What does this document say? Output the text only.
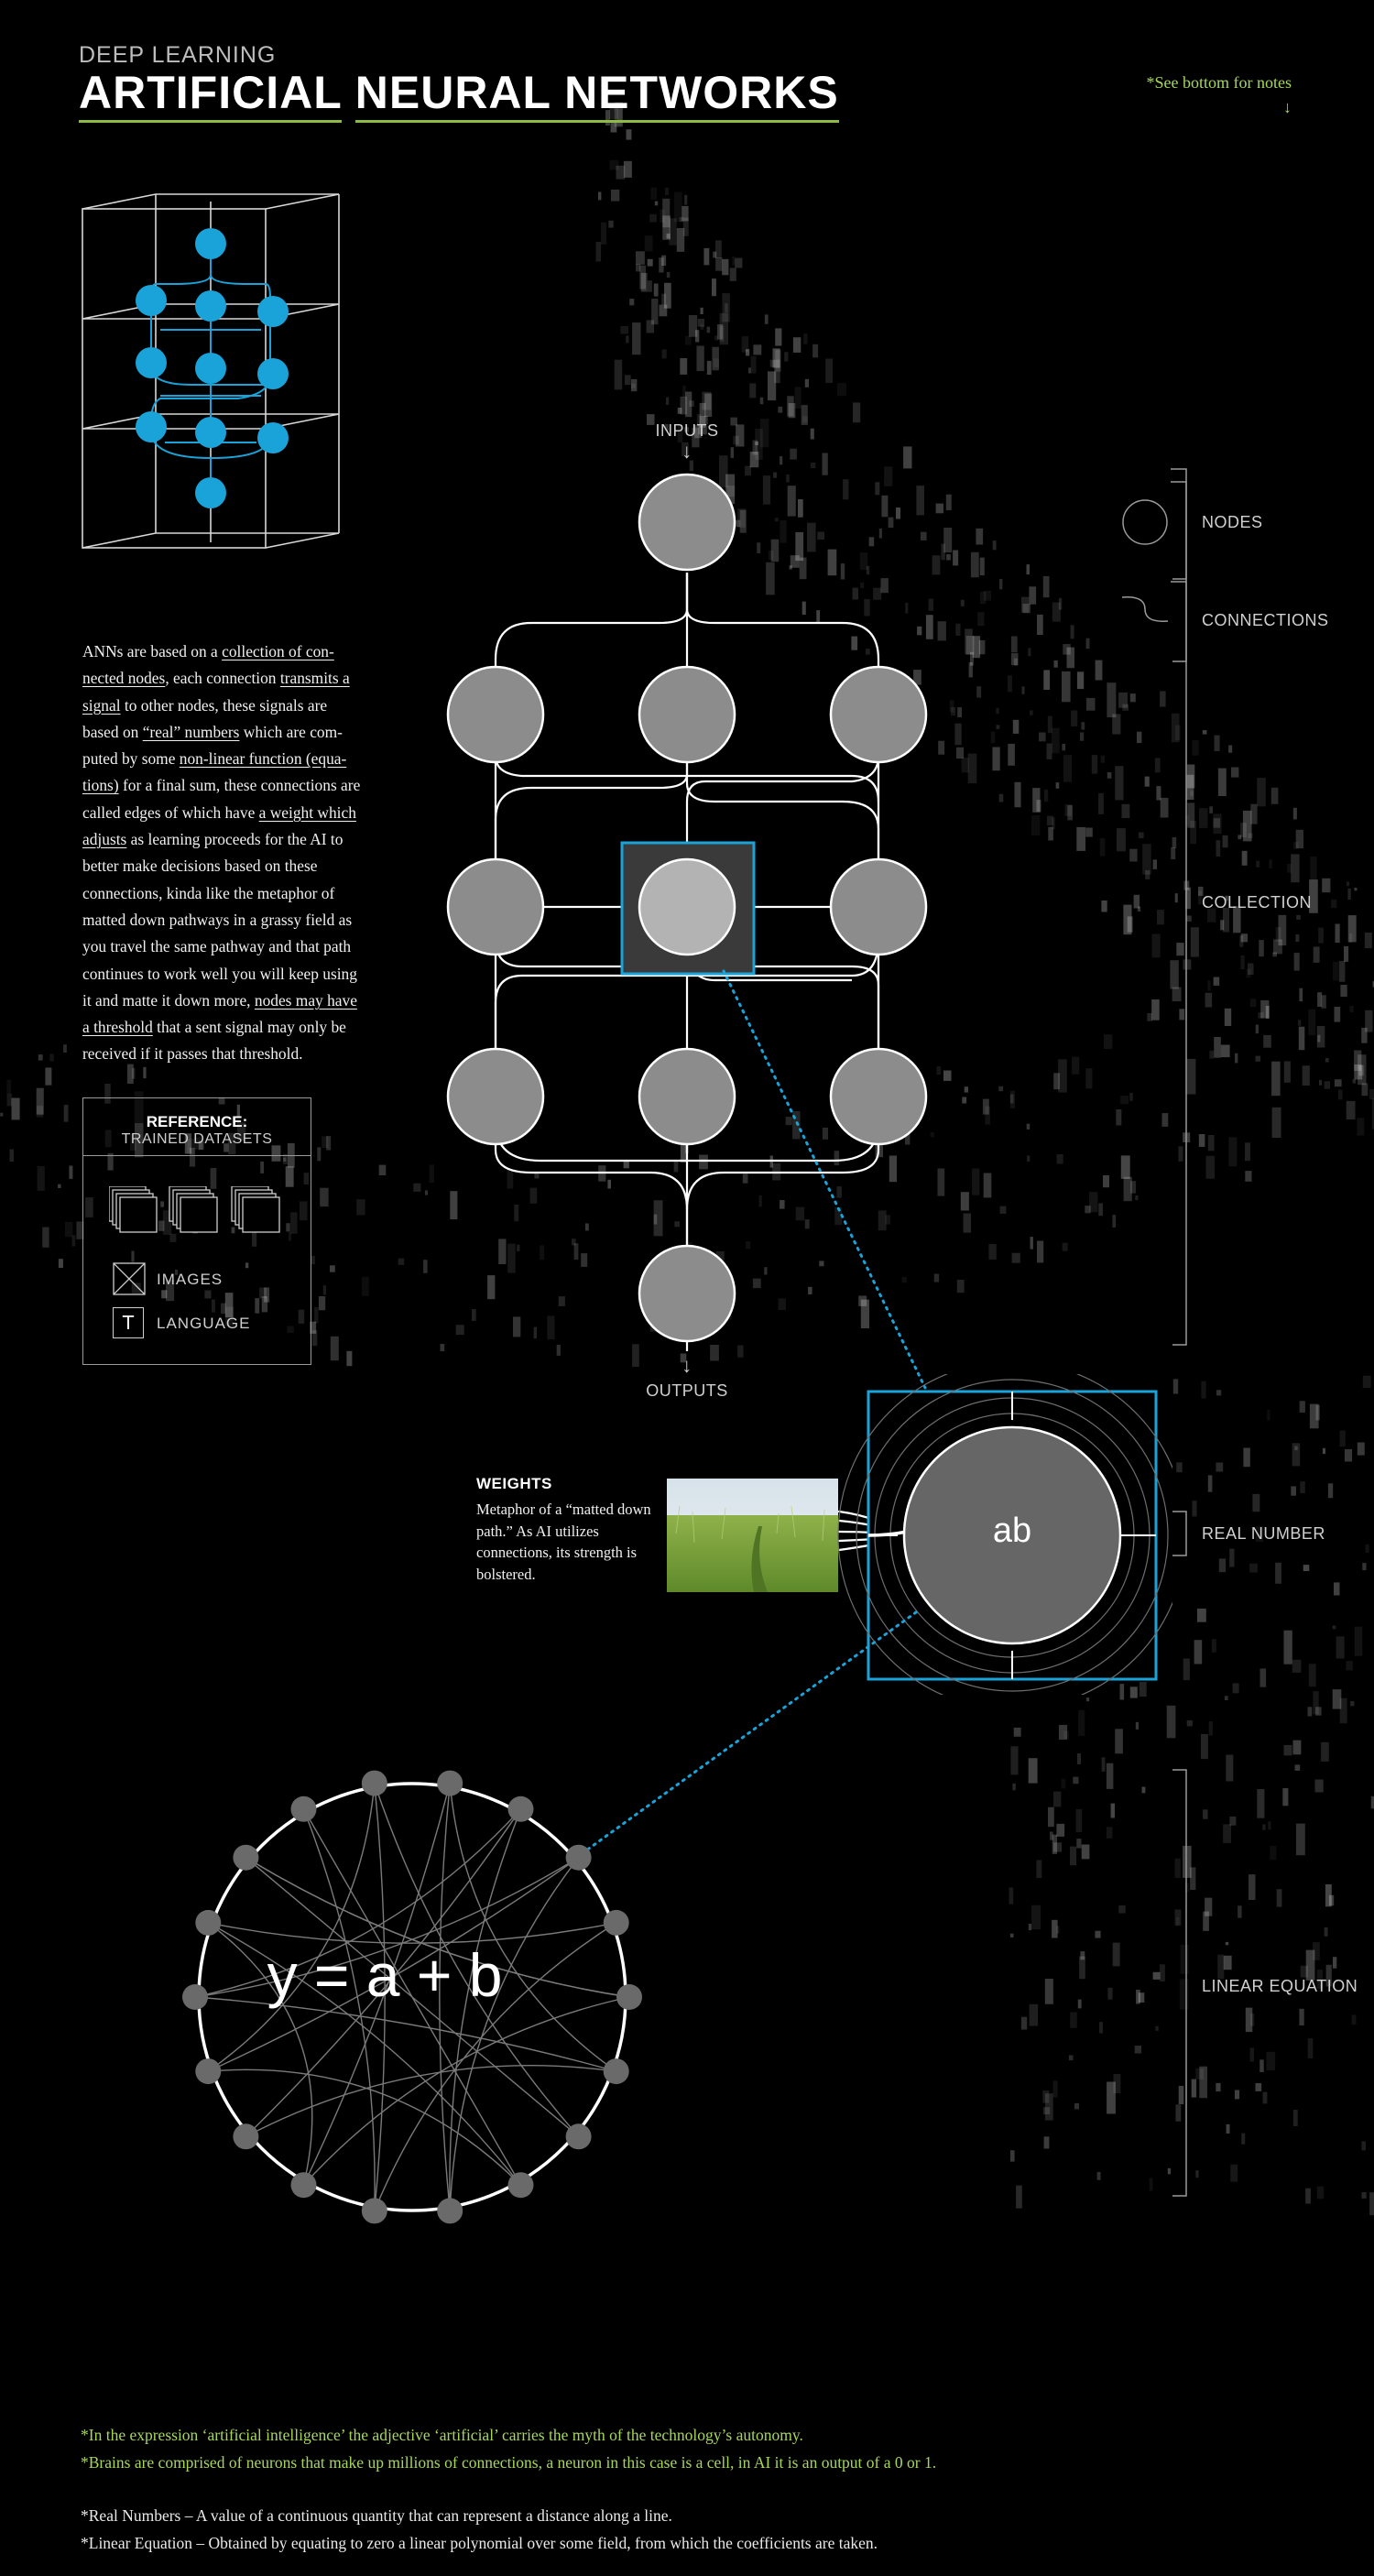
DEEP LEARNING
ARTIFICIAL NEURAL NETWORKS	*See bottom for notes
↓
ANNs are based on a collection of con-nected nodes, each connection transmits a signal to other nodes, these signals are based on “real” numbers which are com-puted by some non-linear function (equa-tions) for a final sum, these connections are called edges of which have a weight which adjusts as learning proceeds for the AI to better make decisions based on these connections, kinda like the metaphor of matted down pathways in a grassy field as you travel the same pathway and that path continues to work well you will keep using it and matte it down more, nodes may have a threshold that a sent signal may only be received if it passes that threshold.
REFERENCE:
TRAINED DATASETS
IMAGES
T	LANGUAGE
INPUTS
↓
↓
OUTPUTS
NODES
CONNECTIONS
COLLECTION
REAL NUMBER
LINEAR EQUATION
WEIGHTS
Metaphor of a “matted down path.” As AI utilizes connections, its strength is bolstered.
ab
y = a + b
*In the expression ‘artificial intelligence’ the adjective ‘artificial’ carries the myth of the technology’s autonomy.
*Brains are comprised of neurons that make up millions of connections, a neuron in this case is a cell, in AI it is an output of a 0 or 1.
*Real Numbers – A value of a continuous quantity that can represent a distance along a line.
*Linear Equation – Obtained by equating to zero a linear polynomial over some field, from which the coefficients are taken.
